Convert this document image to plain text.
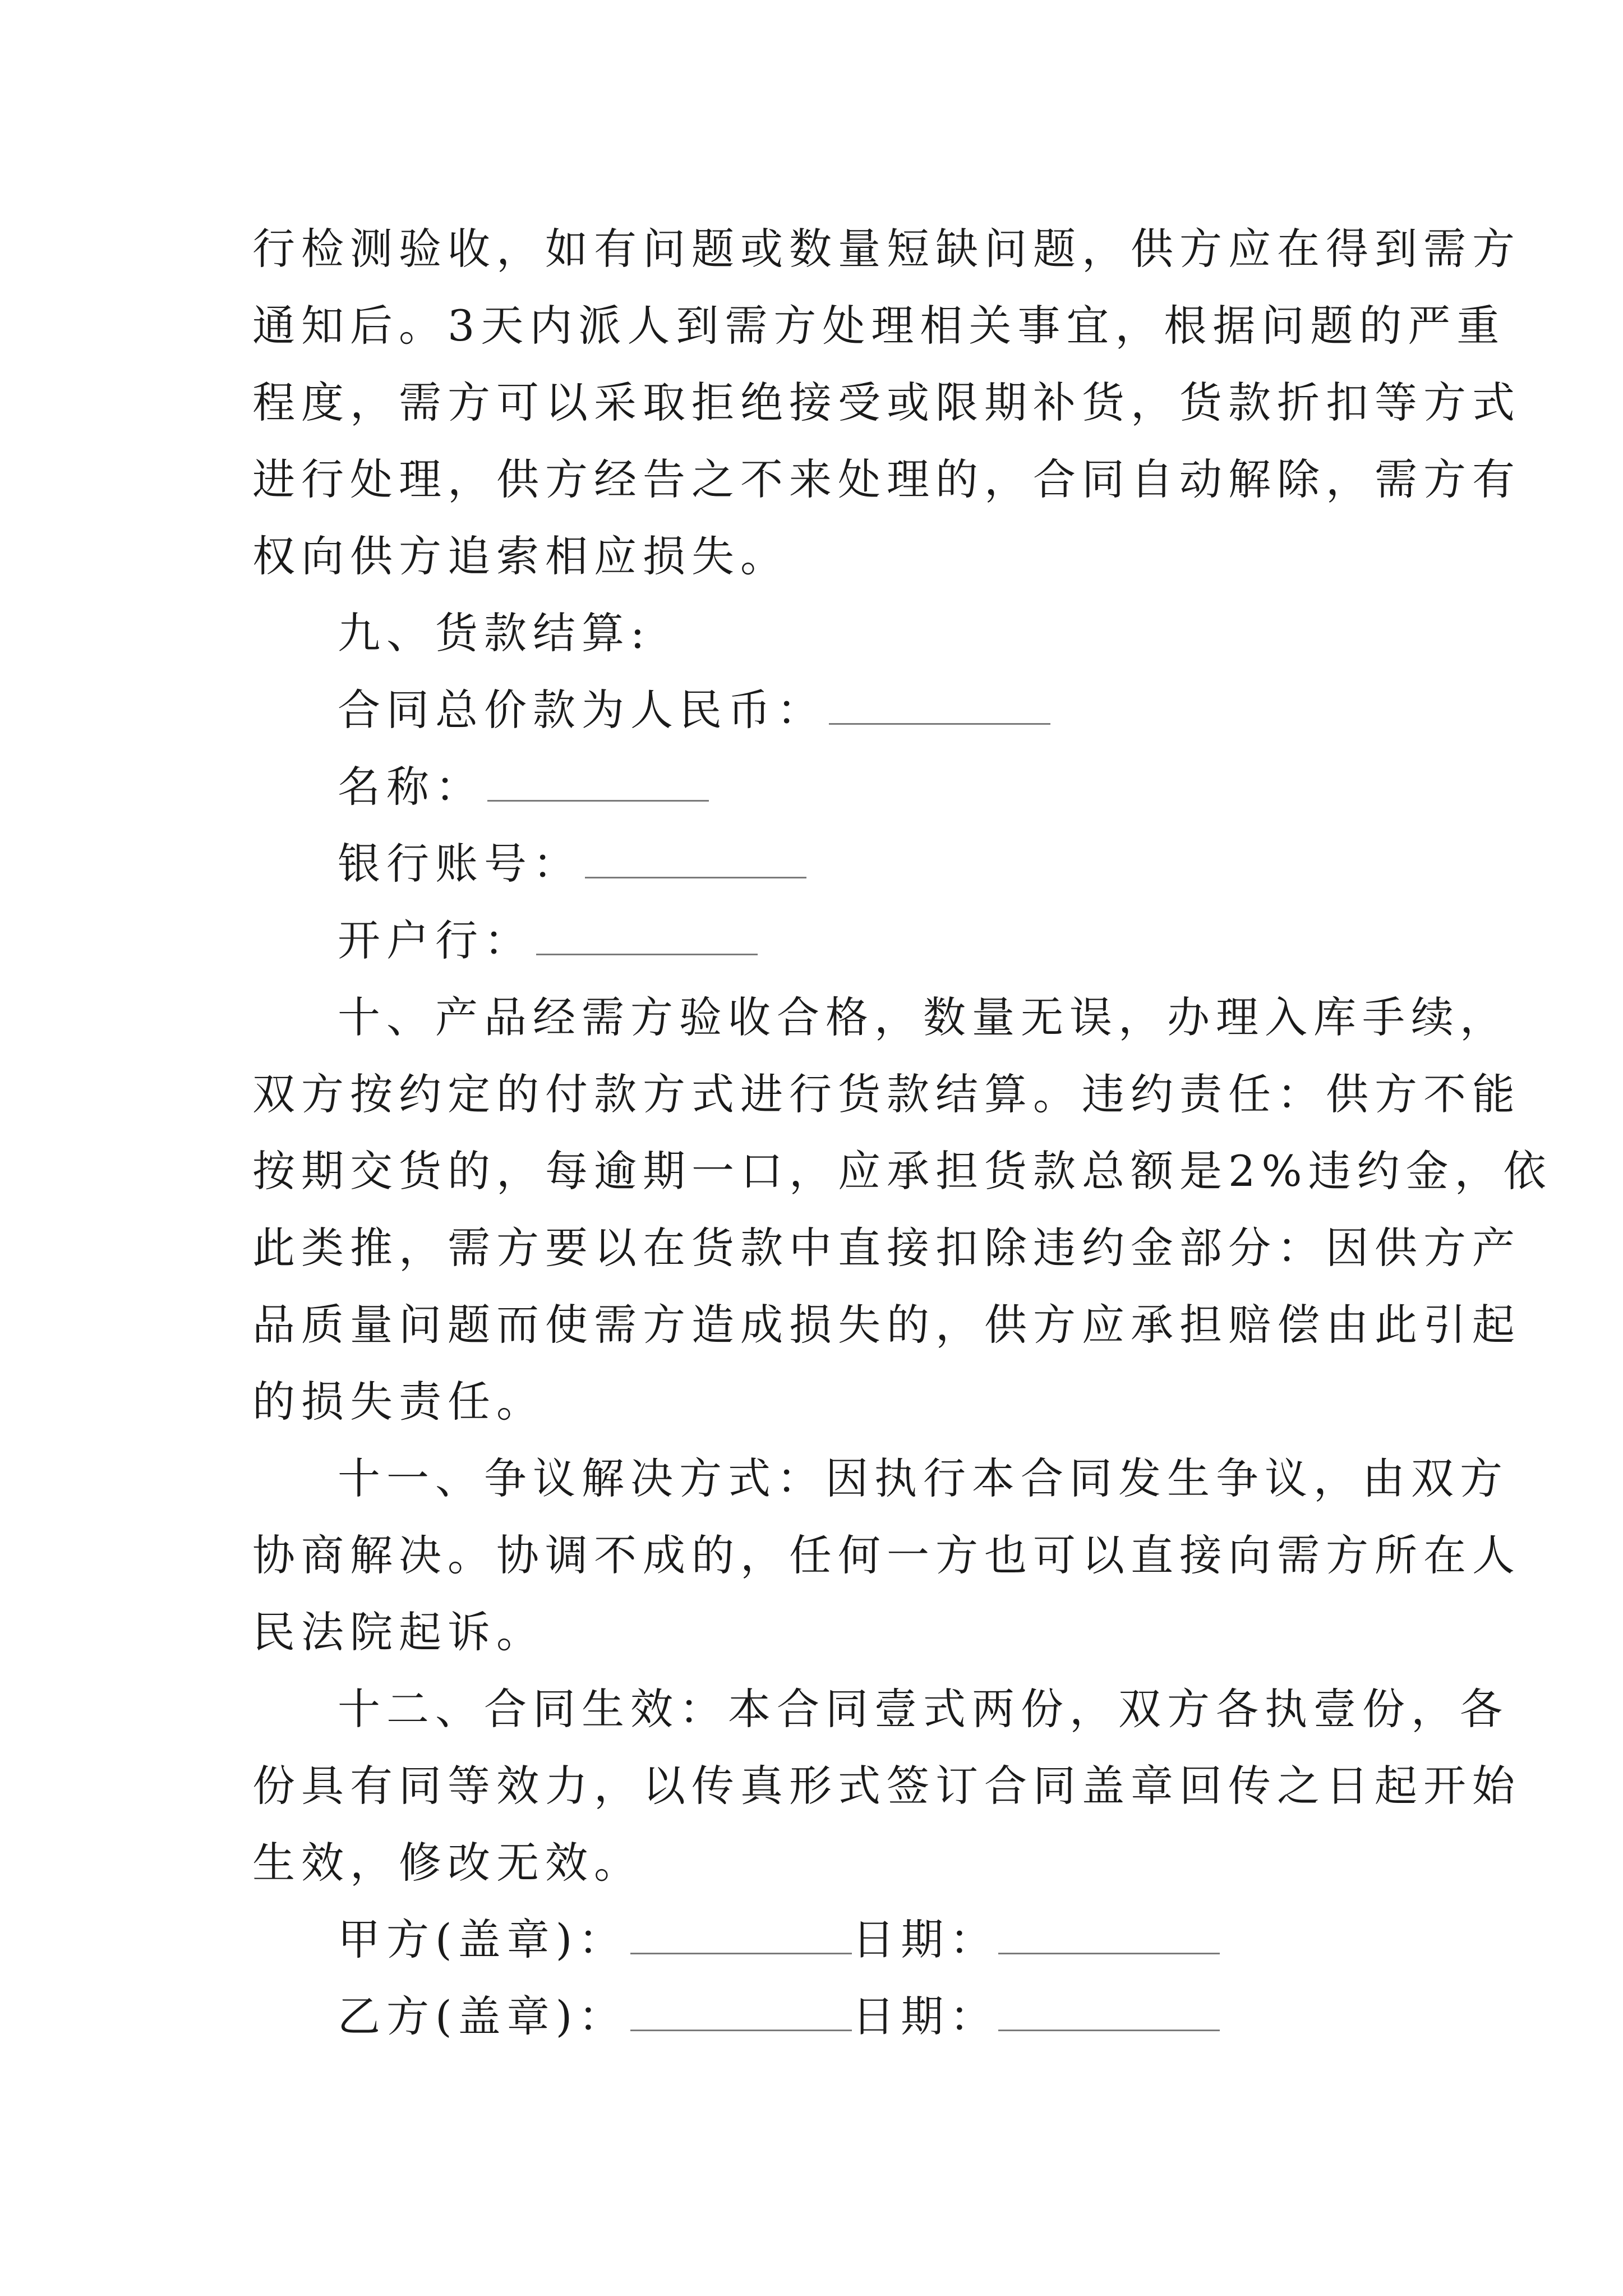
行检测验收，如有问题或数量短缺问题，供方应在得到需方
通知后。3天内派人到需方处理相关事宜，根据问题的严重
程度，需方可以采取拒绝接受或限期补货，货款折扣等方式
进行处理，供方经告之不来处理的，合同自动解除，需方有
权向供方追索相应损失。
九、货款结算:
合同总价款为人民币：
名称：
银行账号：
开户行：
十、产品经需方验收合格，数量无误，办理入库手续，
双方按约定的付款方式进行货款结算。违约责任：供方不能
按期交货的，每逾期一口，应承担货款总额是2%违约金，依
此类推，需方要以在货款中直接扣除违约金部分：因供方产
品质量问题而使需方造成损失的，供方应承担赔偿由此引起
的损失责任。
十一、争议解决方式：因执行本合同发生争议，由双方
协商解决。协调不成的，任何一方也可以直接向需方所在人
民法院起诉。
十二、合同生效：本合同壹式两份，双方各执壹份，各
份具有同等效力，以传真形式签订合同盖章回传之日起开始
生效，修改无效。
甲方(盖章)：	日期：
乙方(盖章)：	日期：
